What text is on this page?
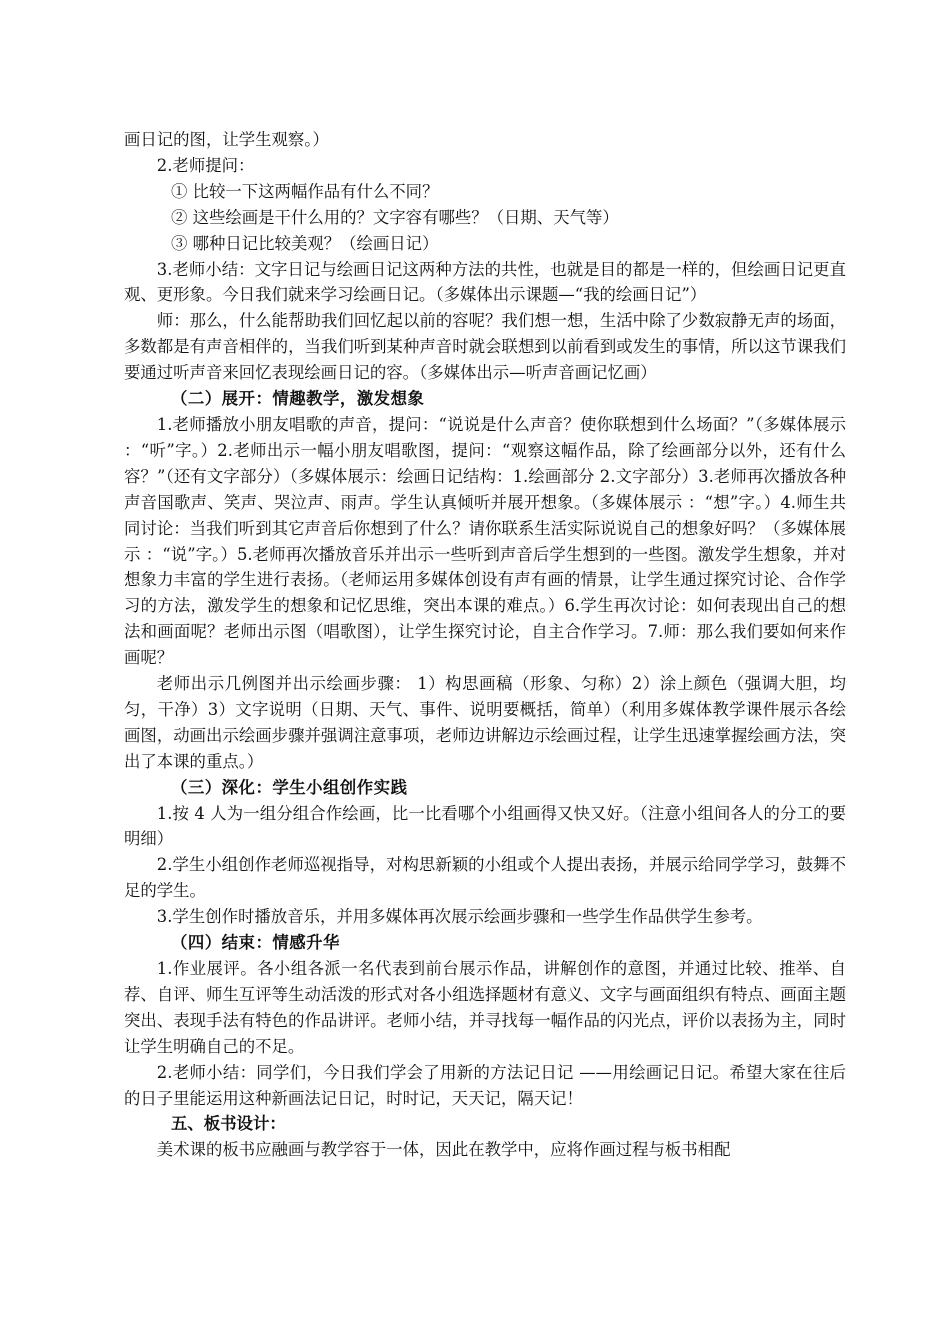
画日记的图，让学生观察。）

2.老师提问：

① 比较一下这两幅作品有什么不同？

② 这些绘画是干什么用的？文字容有哪些？（日期、天气等）

③ 哪种日记比较美观？（绘画日记）

3.老师小结：文字日记与绘画日记这两种方法的共性，也就是目的都是一样的，但绘画日记更直观、更形象。今日我们就来学习绘画日记。（多媒体出示课题—“我的绘画日记”）

师：那么，什么能帮助我们回忆起以前的容呢？我们想一想，生活中除了少数寂静无声的场面，多数都是有声音相伴的，当我们听到某种声音时就会联想到以前看到或发生的事情，所以这节课我们要通过听声音来回忆表现绘画日记的容。（多媒体出示—听声音画记忆画）

（二）展开：情趣教学，激发想象

1.老师播放小朋友唱歌的声音，提问：“说说是什么声音？使你联想到什么场面？”（多媒体展示 ：“听”字。）2.老师出示一幅小朋友唱歌图，提问：“观察这幅作品，除了绘画部分以外，还有什么容？”（还有文字部分）（多媒体展示：绘画日记结构：1.绘画部分 2.文字部分）3.老师再次播放各种声音国歌声、笑声、哭泣声、雨声。学生认真倾听并展开想象。（多媒体展示 ：“想”字。）4.师生共同讨论：当我们听到其它声音后你想到了什么？请你联系生活实际说说自己的想象好吗？（多媒体展示 ：“说”字。）5.老师再次播放音乐并出示一些听到声音后学生想到的一些图。激发学生想象，并对想象力丰富的学生进行表扬。（老师运用多媒体创设有声有画的情景，让学生通过探究讨论、合作学习的方法，激发学生的想象和记忆思维，突出本课的难点。）6.学生再次讨论：如何表现出自己的想法和画面呢？老师出示图（唱歌图），让学生探究讨论，自主合作学习。7.师：那么我们要如何来作画呢？

老师出示几例图并出示绘画步骤： 1）构思画稿（形象、匀称）2）涂上颜色（强调大胆，均匀，干净）3）文字说明（日期、天气、事件、说明要概括，简单）（利用多媒体教学课件展示各绘画图，动画出示绘画步骤并强调注意事项，老师边讲解边示绘画过程，让学生迅速掌握绘画方法，突出了本课的重点。）

（三）深化：学生小组创作实践

1.按 4 人为一组分组合作绘画，比一比看哪个小组画得又快又好。（注意小组间各人的分工的要明细）

2.学生小组创作老师巡视指导，对构思新颖的小组或个人提出表扬，并展示给同学学习，鼓舞不足的学生。

3.学生创作时播放音乐，并用多媒体再次展示绘画步骤和一些学生作品供学生参考。

（四）结束：情感升华

1.作业展评。各小组各派一名代表到前台展示作品，讲解创作的意图，并通过比较、推举、自荐、自评、师生互评等生动活泼的形式对各小组选择题材有意义、文字与画面组织有特点、画面主题突出、表现手法有特色的作品讲评。老师小结，并寻找每一幅作品的闪光点，评价以表扬为主，同时让学生明确自己的不足。

2.老师小结：同学们，今日我们学会了用新的方法记日记 ——用绘画记日记。希望大家在往后的日子里能运用这种新画法记日记，时时记，天天记，隔天记！

五、板书设计：

美术课的板书应融画与教学容于一体，因此在教学中，应将作画过程与板书相配
